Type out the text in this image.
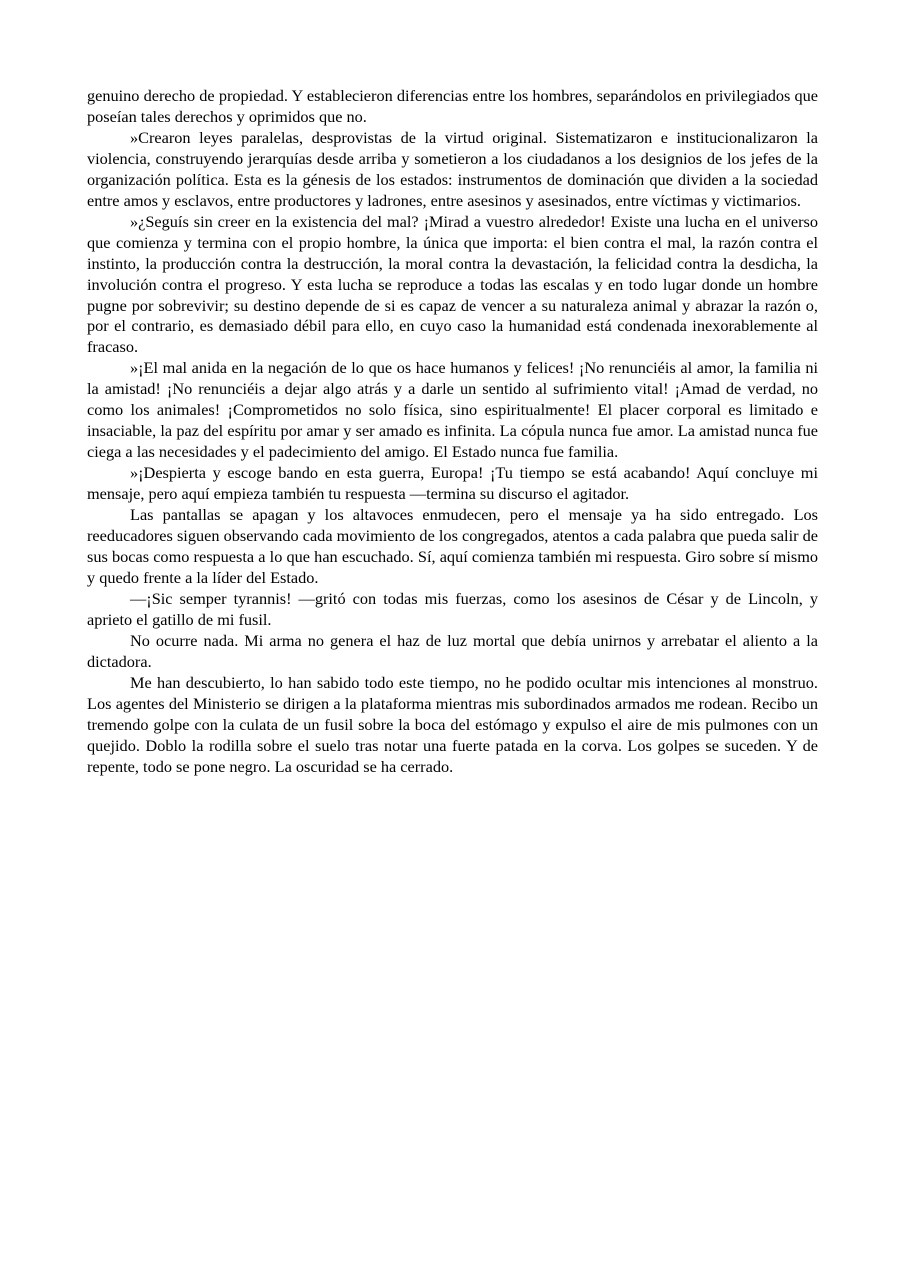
genuino derecho de propiedad. Y establecieron diferencias entre los hombres, separándolos en privilegiados que poseían tales derechos y oprimidos que no.

»Crearon leyes paralelas, desprovistas de la virtud original. Sistematizaron e institucionalizaron la violencia, construyendo jerarquías desde arriba y sometieron a los ciudadanos a los designios de los jefes de la organización política. Esta es la génesis de los estados: instrumentos de dominación que dividen a la sociedad entre amos y esclavos, entre productores y ladrones, entre asesinos y asesinados, entre víctimas y victimarios.

»¿Seguís sin creer en la existencia del mal? ¡Mirad a vuestro alrededor! Existe una lucha en el universo que comienza y termina con el propio hombre, la única que importa: el bien contra el mal, la razón contra el instinto, la producción contra la destrucción, la moral contra la devastación, la felicidad contra la desdicha, la involución contra el progreso. Y esta lucha se reproduce a todas las escalas y en todo lugar donde un hombre pugne por sobrevivir; su destino depende de si es capaz de vencer a su naturaleza animal y abrazar la razón o, por el contrario, es demasiado débil para ello, en cuyo caso la humanidad está condenada inexorablemente al fracaso.

»¡El mal anida en la negación de lo que os hace humanos y felices! ¡No renunciéis al amor, la familia ni la amistad! ¡No renunciéis a dejar algo atrás y a darle un sentido al sufrimiento vital! ¡Amad de verdad, no como los animales! ¡Comprometidos no solo física, sino espiritualmente! El placer corporal es limitado e insaciable, la paz del espíritu por amar y ser amado es infinita. La cópula nunca fue amor. La amistad nunca fue ciega a las necesidades y el padecimiento del amigo. El Estado nunca fue familia.

»¡Despierta y escoge bando en esta guerra, Europa! ¡Tu tiempo se está acabando! Aquí concluye mi mensaje, pero aquí empieza también tu respuesta —termina su discurso el agitador.

Las pantallas se apagan y los altavoces enmudecen, pero el mensaje ya ha sido entregado. Los reeducadores siguen observando cada movimiento de los congregados, atentos a cada palabra que pueda salir de sus bocas como respuesta a lo que han escuchado. Sí, aquí comienza también mi respuesta. Giro sobre sí mismo y quedo frente a la líder del Estado.

—¡Sic semper tyrannis! —gritó con todas mis fuerzas, como los asesinos de César y de Lincoln, y aprieto el gatillo de mi fusil.

No ocurre nada. Mi arma no genera el haz de luz mortal que debía unirnos y arrebatar el aliento a la dictadora.

Me han descubierto, lo han sabido todo este tiempo, no he podido ocultar mis intenciones al monstruo. Los agentes del Ministerio se dirigen a la plataforma mientras mis subordinados armados me rodean. Recibo un tremendo golpe con la culata de un fusil sobre la boca del estómago y expulso el aire de mis pulmones con un quejido. Doblo la rodilla sobre el suelo tras notar una fuerte patada en la corva. Los golpes se suceden. Y de repente, todo se pone negro. La oscuridad se ha cerrado.
